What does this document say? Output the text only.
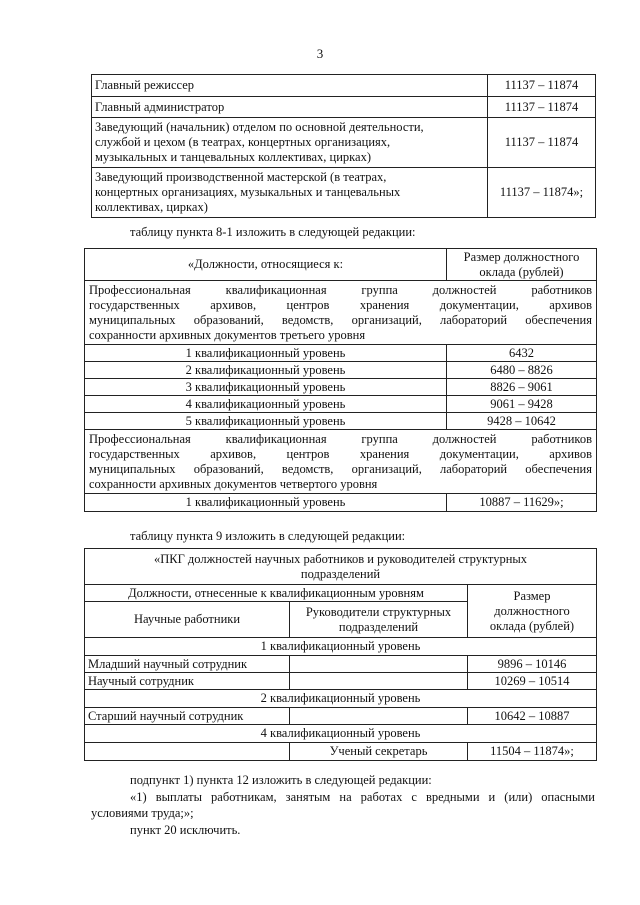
3
Главный режиссер	11137 – 11874
Главный администратор	11137 – 11874

Заведующий (начальник) отделом по основной деятельности,
службой и цехом (в театрах, концертных организациях,
музыкальных и танцевальных коллективах, цирках)	11137 – 11874

Заведующий производственной мастерской (в театрах,
концертных организациях, музыкальных и танцевальных
коллективах, цирках)	11137 – 11874»;
таблицу пункта 8-1 изложить в следующей редакции:
«Должности, относящиеся к:	Размер должностного
оклада (рублей)

Профессиональная квалификационная группа должностей работников
государственных архивов, центров хранения документации, архивов
муниципальных образований, ведомств, организаций, лабораторий обеспечения
сохранности архивных документов третьего уровня	

1 квалификационный уровень	6432
2 квалификационный уровень	6480 – 8826
3 квалификационный уровень	8826 – 9061
4 квалификационный уровень	9061 – 9428
5 квалификационный уровень	9428 – 10642

Профессиональная квалификационная группа должностей работников
государственных архивов, центров хранения документации, архивов
муниципальных образований, ведомств, организаций, лабораторий обеспечения
сохранности архивных документов четвертого уровня	

1 квалификационный уровень	10887 – 11629»;
таблицу пункта 9 изложить в следующей редакции:
«ПКГ должностей научных работников и руководителей структурных
подразделений		

Должности, отнесенные к квалификационным уровням		Размер
должностного
оклада (рублей)

Научные работники	Руководители структурных
подразделений	

1 квалификационный уровень		
Младший научный сотрудник		9896 – 10146
Научный сотрудник		10269 – 10514
2 квалификационный уровень		
Старший научный сотрудник		10642 – 10887
4 квалификационный уровень		
	Ученый секретарь	11504 – 11874»;
подпункт 1) пункта 12 изложить в следующей редакции:
«1) выплаты работникам, занятым на работах с вредными и (или) опасными
условиями труда;»;
пункт 20 исключить.
